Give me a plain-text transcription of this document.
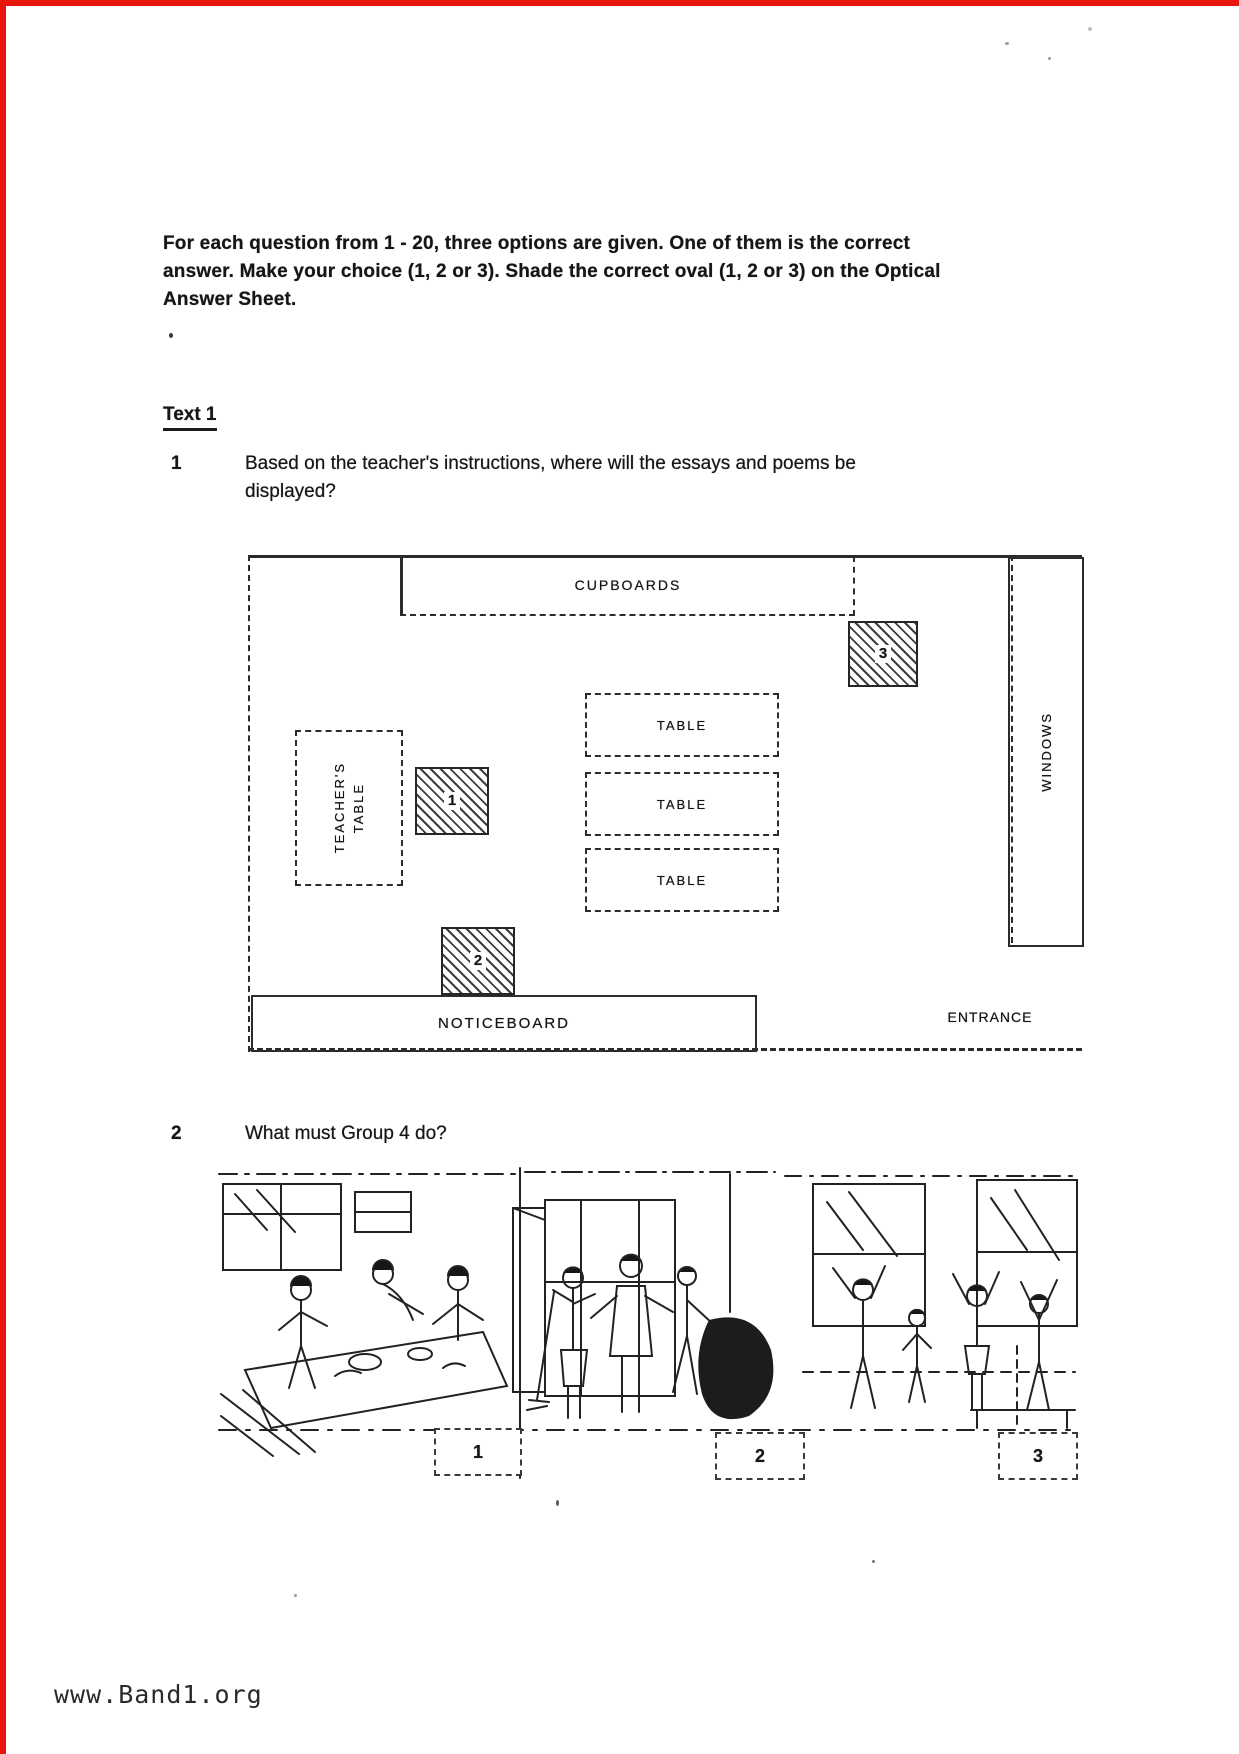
For each question from 1 - 20, three options are given. One of them is the correct
answer. Make your choice (1, 2 or 3). Shade the correct oval (1, 2 or 3) on the Optical
Answer Sheet.
Text 1
1	Based on the teacher's instructions, where will the essays and poems be
displayed?
CUPBOARDS
WINDOWS
TEACHER'S TABLE
TABLE
TABLE
TABLE
1
2
3
NOTICEBOARD	ENTRANCE
2	What must Group 4 do?
1	2	3
www.Band1.org
